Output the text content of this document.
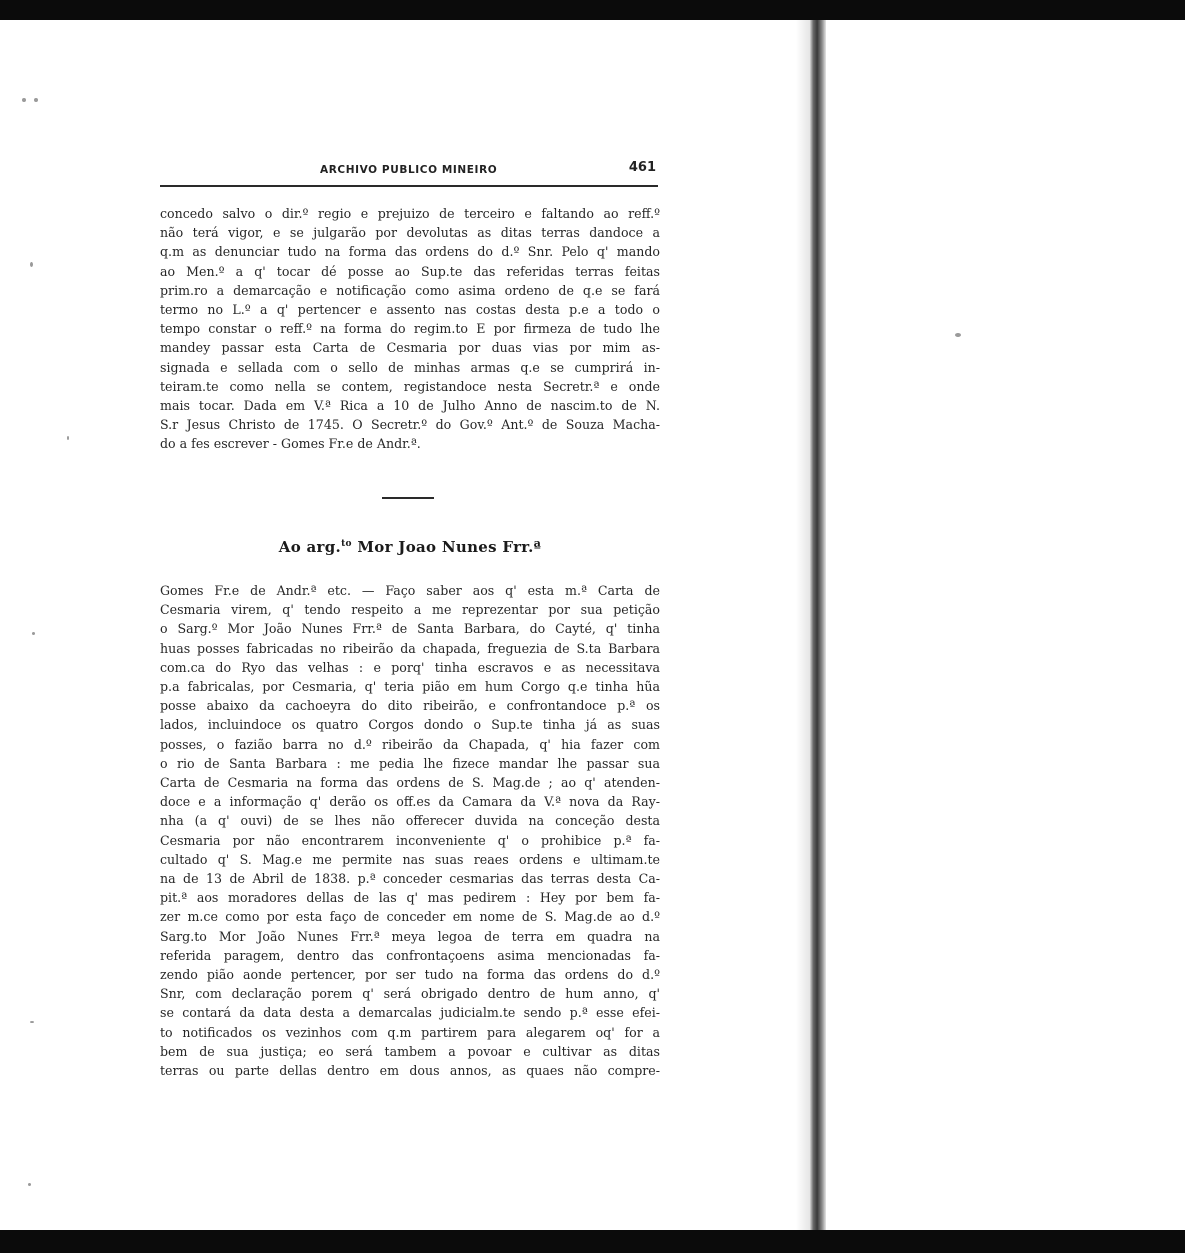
ARCHIVO PUBLICO MINEIRO	461
concedo salvo o dir.º regio e prejuizo de terceiro e faltando ao reff.º
não terá vigor, e se julgarão por devolutas as ditas terras dandoce a
q.m as denunciar tudo na forma das ordens do d.º Snr. Pelo q' mando
ao Men.º a q' tocar dé posse ao Sup.te das referidas terras feitas
prim.ro a demarcação e notificação como asima ordeno de q.e se fará
termo no L.º a q' pertencer e assento nas costas desta p.e a todo o
tempo constar o reff.º na forma do regim.to E por firmeza de tudo lhe
mandey passar esta Carta de Cesmaria por duas vias por mim as-
signada e sellada com o sello de minhas armas q.e se cumprirá in-
teiram.te como nella se contem, registandoce nesta Secretr.ª e onde
mais tocar. Dada em V.ª Rica a 10 de Julho Anno de nascim.to de N.
S.r Jesus Christo de 1745. O Secretr.º do Gov.º Ant.º de Souza Macha-
do a fes escrever - Gomes Fr.e de Andr.ª.
Ao arg.$^{to}$ Mor Joao Nunes Frr.ª
Gomes Fr.e de Andr.ª etc. — Faço saber aos q' esta m.ª Carta de
Cesmaria virem, q' tendo respeito a me reprezentar por sua petição
o Sarg.º Mor João Nunes Frr.ª de Santa Barbara, do Cayté, q' tinha
huas posses fabricadas no ribeirão da chapada, freguezia de S.ta Barbara
com.ca do Ryo das velhas : e porq' tinha escravos e as necessitava
p.a fabricalas, por Cesmaria, q' teria pião em hum Corgo q.e tinha hũa
posse abaixo da cachoeyra do dito ribeirão, e confrontandoce p.ª os
lados, incluindoce os quatro Corgos dondo o Sup.te tinha já as suas
posses, o fazião barra no d.º ribeirão da Chapada, q' hia fazer com
o rio de Santa Barbara : me pedia lhe fizece mandar lhe passar sua
Carta de Cesmaria na forma das ordens de S. Mag.de ; ao q' atenden-
doce e a informação q' derão os off.es da Camara da V.ª nova da Ray-
nha (a q' ouvi) de se lhes não offerecer duvida na conceção desta
Cesmaria por não encontrarem inconveniente q' o prohibice p.ª fa-
cultado q' S. Mag.e me permite nas suas reaes ordens e ultimam.te
na de 13 de Abril de 1838. p.ª conceder cesmarias das terras desta Ca-
pit.ª aos moradores dellas de las q' mas pedirem : Hey por bem fa-
zer m.ce como por esta faço de conceder em nome de S. Mag.de ao d.º
Sarg.to Mor João Nunes Frr.ª meya legoa de terra em quadra na
referida paragem, dentro das confrontaçoens asima mencionadas fa-
zendo pião aonde pertencer, por ser tudo na forma das ordens do d.º
Snr, com declaração porem q' será obrigado dentro de hum anno, q'
se contará da data desta a demarcalas judicialm.te sendo p.ª esse efei-
to notificados os vezinhos com q.m partirem para alegarem oq' for a
bem de sua justiça; eo será tambem a povoar e cultivar as ditas
terras ou parte dellas dentro em dous annos, as quaes não compre-
